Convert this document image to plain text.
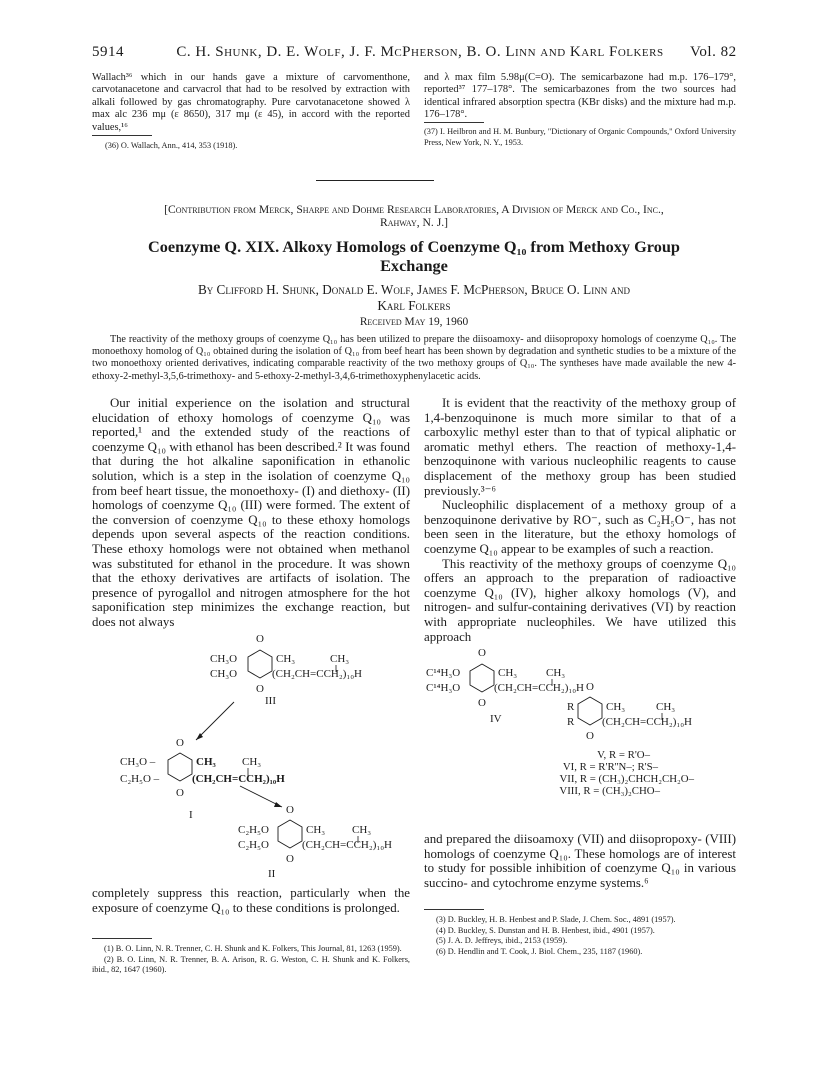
5914	C. H. Shunk, D. E. Wolf, J. F. McPherson, B. O. Linn and Karl Folkers	Vol. 82
Wallach³⁶ which in our hands gave a mixture of carvomenthone, carvotanacetone and carvacrol that had to be resolved by extraction with alkali followed by gas chromatography. Pure carvotanacetone showed λ max alc 236 mμ (ε 8650), 317 mμ (ε 45), in accord with the reported values,¹⁶
(36) O. Wallach, Ann., 414, 353 (1918).
and λ max film 5.98μ(C=O). The semicarbazone had m.p. 176–179°, reported³⁷ 177–178°. The semicarbazones from the two sources had identical infrared absorption spectra (KBr disks) and the mixture had m.p. 176–178°.
(37) I. Heilbron and H. M. Bunbury, "Dictionary of Organic Compounds," Oxford University Press, New York, N. Y., 1953.
[Contribution from Merck, Sharpe and Dohme Research Laboratories, A Division of Merck and Co., Inc.,
Rahway, N. J.]
Coenzyme Q. XIX. Alkoxy Homologs of Coenzyme Q₁₀ from Methoxy Group
Exchange
By Clifford H. Shunk, Donald E. Wolf, James F. McPherson, Bruce O. Linn and
Karl Folkers
Received May 19, 1960
The reactivity of the methoxy groups of coenzyme Q₁₀ has been utilized to prepare the diisoamoxy- and diisopropoxy homologs of coenzyme Q₁₀. The monoethoxy homolog of Q₁₀ obtained during the isolation of Q₁₀ from beef heart has been shown by degradation and synthetic studies to be a mixture of the two monoethoxy oriented derivatives, indicating comparable reactivity of the two methoxy groups of Q₁₀. The syntheses have made available the new 4-ethoxy-2-methyl-3,5,6-trimethoxy- and 5-ethoxy-2-methyl-3,4,6-trimethoxyphenylacetic acids.

Our initial experience on the isolation and structural elucidation of ethoxy homologs of coenzyme Q₁₀ was reported,¹ and the extended study of the reactions of coenzyme Q₁₀ with ethanol has been described.² It was found that during the hot alkaline saponification in ethanolic solution, which is a step in the isolation of coenzyme Q₁₀ from beef heart tissue, the monoethoxy- (I) and diethoxy- (II) homologs of coenzyme Q₁₀ (III) were formed. The extent of the conversion of coenzyme Q₁₀ to these ethoxy homologs depends upon several aspects of the reaction conditions. These ethoxy homologs were not obtained when methanol was substituted for ethanol in the procedure. It was shown that the ethoxy derivatives are artifacts of isolation. The presence of pyrogallol and nitrogen atmosphere for the hot saponification step minimizes the exchange reaction, but does not always

It is evident that the reactivity of the methoxy group of 1,4-benzoquinone is much more similar to that of a carboxylic methyl ester than to that of typical aliphatic or aromatic methyl ethers. The reaction of methoxy-1,4-benzoquinone with various nucleophilic reagents to cause displacement of the methoxy group has been studied previously.³⁻⁶

Nucleophilic displacement of a methoxy group of a benzoquinone derivative by RO⁻, such as C₂H₅O⁻, has not been seen in the literature, but the ethoxy homologs of coenzyme Q₁₀ appear to be examples of such a reaction.

This reactivity of the methoxy groups of coenzyme Q₁₀ offers an approach to the preparation of radioactive coenzyme Q₁₀ (IV), higher alkoxy homologs (V), and nitrogen- and sulfur-containing derivatives (VI) by reaction with appropriate nucleophiles. We have utilized this approach

O
CH₃O
CH₃O
CH₃	CH₃
(CH₂CH=CCH₂)₁₀H
O
III
O
CH₃O –
C₂H₅O –
CH₃ CH₃
(CH₂CH=CCH₂)₁₀H
O
I	O
C₂H₅O
C₂H₅O
CH₃ CH₃
(CH₂CH=CCH₂)₁₀H
O
II

completely suppress this reaction, particularly when the exposure of coenzyme Q₁₀ to these conditions is prolonged.

(1) B. O. Linn, N. R. Trenner, C. H. Shunk and K. Folkers, This Journal, 81, 1263 (1959).
(2) B. O. Linn, N. R. Trenner, B. A. Arison, R. G. Weston, C. H. Shunk and K. Folkers, ibid., 82, 1647 (1960).
O
C¹⁴H₃O
C¹⁴H₃O
CH₃	CH₃
(CH₂CH=CCH₂)₁₀H
O
IV
O
R
R
CH₃	CH₃
(CH₂CH=CCH₂)₁₀H
O
V, R = R'O–
VI, R = R'R''N–; R'S–
VII, R = (CH₃)₂CHCH₂CH₂O–
VIII, R = (CH₃)₂CHO–

and prepared the diisoamoxy (VII) and diisopropoxy- (VIII) homologs of coenzyme Q₁₀. These homologs are of interest to study for possible inhibition of coenzyme Q₁₀ in various succino- and cytochrome enzyme systems.⁶

(3) D. Buckley, H. B. Henbest and P. Slade, J. Chem. Soc., 4891 (1957).
(4) D. Buckley, S. Dunstan and H. B. Henbest, ibid., 4901 (1957).
(5) J. A. D. Jeffreys, ibid., 2153 (1959).
(6) D. Hendlin and T. Cook, J. Biol. Chem., 235, 1187 (1960).
